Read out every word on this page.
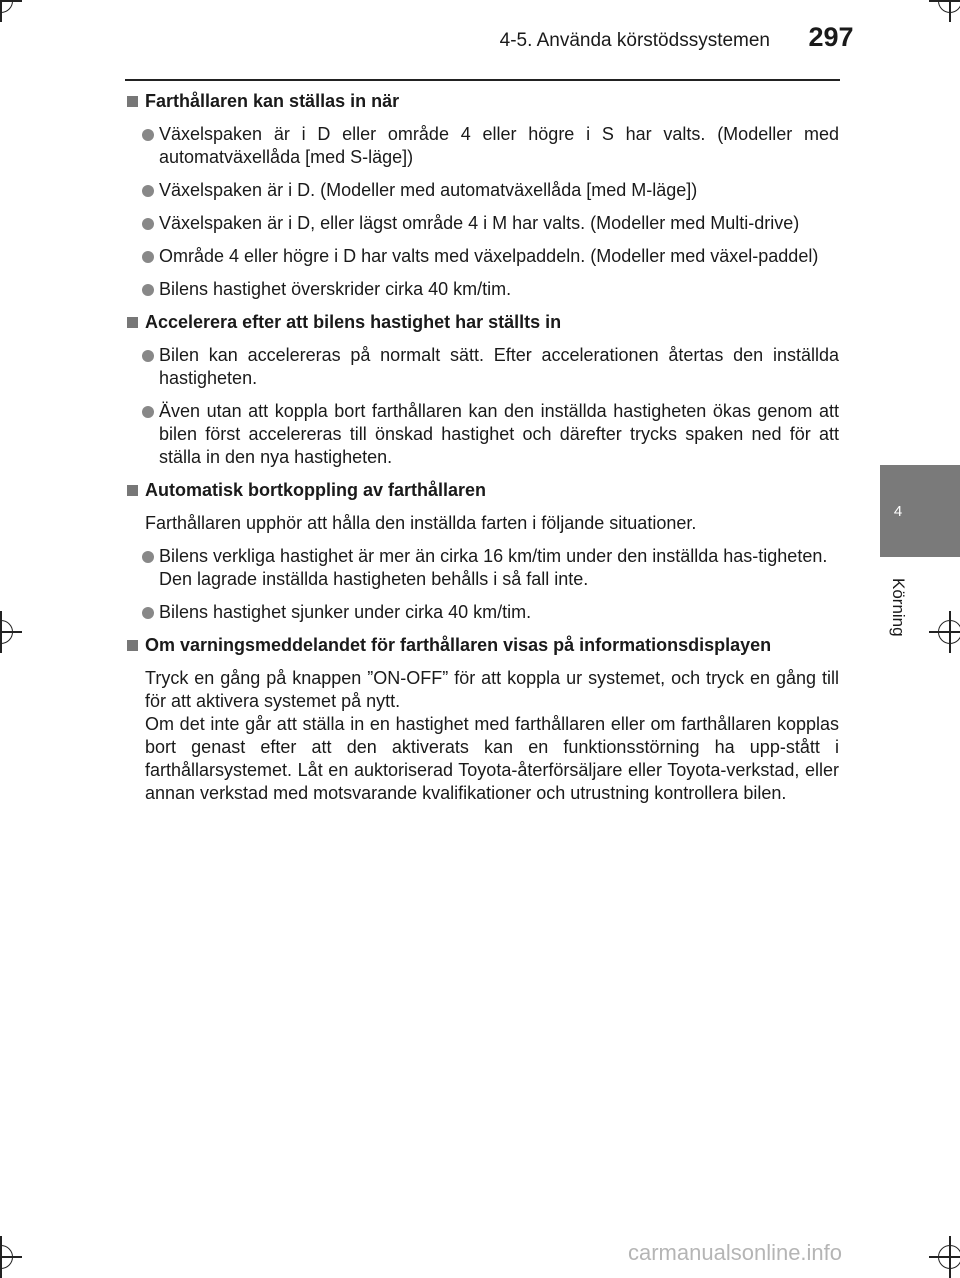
4-5. Använda körstödssystemen	297
4
Körning
Farthållaren kan ställas in när
Växelspaken är i D eller område 4 eller högre i S har valts. (Modeller med automatväxellåda [med S-läge])
Växelspaken är i D. (Modeller med automatväxellåda [med M-läge])
Växelspaken är i D, eller lägst område 4 i M har valts. (Modeller med Multi-drive)
Område 4 eller högre i D har valts med växelpaddeln. (Modeller med växel-paddel)
Bilens hastighet överskrider cirka 40 km/tim.
Accelerera efter att bilens hastighet har ställts in
Bilen kan accelereras på normalt sätt. Efter accelerationen återtas den inställda hastigheten.
Även utan att koppla bort farthållaren kan den inställda hastigheten ökas genom att bilen först accelereras till önskad hastighet och därefter trycks spaken ned för att ställa in den nya hastigheten.
Automatisk bortkoppling av farthållaren
Farthållaren upphör att hålla den inställda farten i följande situationer.
Bilens verkliga hastighet är mer än cirka 16 km/tim under den inställda has-tigheten.
Den lagrade inställda hastigheten behålls i så fall inte.
Bilens hastighet sjunker under cirka 40 km/tim.
Om varningsmeddelandet för farthållaren visas på informationsdisplayen
Tryck en gång på knappen ”ON-OFF” för att koppla ur systemet, och tryck en gång till för att aktivera systemet på nytt.
Om det inte går att ställa in en hastighet med farthållaren eller om farthållaren kopplas bort genast efter att den aktiverats kan en funktionsstörning ha upp-stått i farthållarsystemet. Låt en auktoriserad Toyota-återförsäljare eller Toyota-verkstad, eller annan verkstad med motsvarande kvalifikationer och utrustning kontrollera bilen.
carmanualsonline.info
